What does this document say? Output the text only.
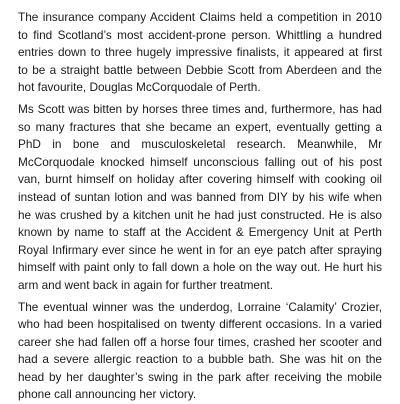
The insurance company Accident Claims held a competition in 2010 to find Scotland’s most accident-prone person. Whittling a hundred entries down to three hugely impressive finalists, it appeared at first to be a straight battle between Debbie Scott from Aberdeen and the hot favourite, Douglas McCorquodale of Perth.

Ms Scott was bitten by horses three times and, furthermore, has had so many fractures that she became an expert, eventually getting a PhD in bone and musculoskeletal research. Meanwhile, Mr McCorquodale knocked himself unconscious falling out of his post van, burnt himself on holiday after covering himself with cooking oil instead of suntan lotion and was banned from DIY by his wife when he was crushed by a kitchen unit he had just constructed. He is also known by name to staff at the Accident & Emergency Unit at Perth Royal Infirmary ever since he went in for an eye patch after spraying himself with paint only to fall down a hole on the way out. He hurt his arm and went back in again for further treatment.

The eventual winner was the underdog, Lorraine ‘Calamity’ Crozier, who had been hospitalised on twenty different occasions. In a varied career she had fallen off a horse four times, crashed her scooter and had a severe allergic reaction to a bubble bath. She was hit on the head by her daughter’s swing in the park after receiving the mobile phone call announcing her victory.
